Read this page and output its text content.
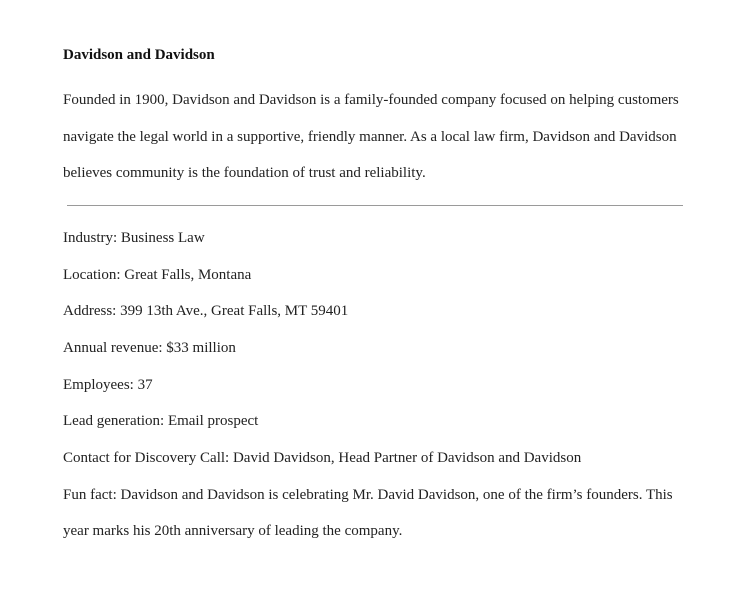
Davidson and Davidson

Founded in 1900, Davidson and Davidson is a family-founded company focused on helping customers navigate the legal world in a supportive, friendly manner. As a local law firm, Davidson and Davidson believes community is the foundation of trust and reliability.

Industry: Business Law
Location: Great Falls, Montana
Address: 399 13th Ave., Great Falls, MT 59401
Annual revenue: $33 million
Employees: 37
Lead generation: Email prospect
Contact for Discovery Call: David Davidson, Head Partner of Davidson and Davidson
Fun fact: Davidson and Davidson is celebrating Mr. David Davidson, one of the firm’s founders. This year marks his 20th anniversary of leading the company.
